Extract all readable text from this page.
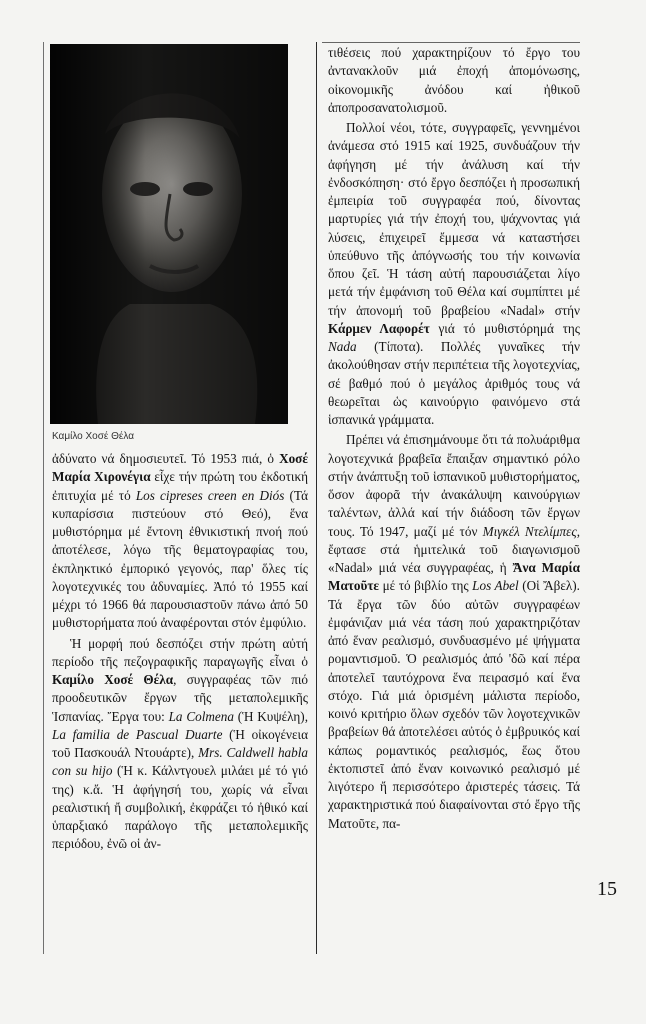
Καμίλο Χοσέ Θέλα

ἀδύνατο νά δημοσιευτεῖ. Τό 1953 πιά, ὁ Χοσέ Μαρία Χιρονέγια εἶχε τήν πρώτη του ἐκδοτική ἐπιτυχία μέ τό Los cipreses creen en Diós (Τά κυπαρίσσια πιστεύουν στό Θεό), ἕνα μυθιστόρημα μέ ἔντονη ἐθνικιστική πνοή πού ἀποτέλεσε, λόγω τῆς θεματογραφίας του, ἐκπληκτικό ἐμπορικό γεγονός, παρ' ὅλες τίς λογοτεχνικές του ἀδυναμίες. Ἀπό τό 1955 καί μέχρι τό 1966 θά παρουσιαστοῦν πάνω ἀπό 50 μυθιστορήματα πού ἀναφέρονται στόν ἐμφύλιο.

Ἡ μορφή πού δεσπόζει στήν πρώτη αὐτή περίοδο τῆς πεζογραφικῆς παραγωγῆς εἶναι ὁ Καμίλο Χοσέ Θέλα, συγγραφέας τῶν πιό προοδευτικῶν ἔργων τῆς μεταπολεμικῆς Ἱσπανίας. Ἔργα του: La Colmena (Ἡ Κυψέλη), La familia de Pascual Duarte (Ἡ οἰκογένεια τοῦ Πασκουάλ Ντουάρτε), Mrs. Caldwell habla con su hijo (Ἡ κ. Κάλντγουελ μιλάει μέ τό γιό της) κ.ἄ. Ἡ ἀφήγησή του, χωρίς νά εἶναι ρεαλιστική ἤ συμβολική, ἐκφράζει τό ἠθικό καί ὑπαρξιακό παράλογο τῆς μεταπολεμικῆς περιόδου, ἐνῶ οἱ ἀν-

τιθέσεις πού χαρακτηρίζουν τό ἔργο του ἀντανακλοῦν μιά ἐποχή ἀπομόνωσης, οἰκονομικῆς ἀνόδου καί ἠθικοῦ ἀποπροσανατολισμοῦ.

Πολλοί νέοι, τότε, συγγραφεῖς, γεννημένοι ἀνάμεσα στό 1915 καί 1925, συνδυάζουν τήν ἀφήγηση μέ τήν ἀνάλυση καί τήν ἐνδοσκόπηση· στό ἔργο δεσπόζει ἡ προσωπική ἐμπειρία τοῦ συγγραφέα πού, δίνοντας μαρτυρίες γιά τήν ἐποχή του, ψάχνοντας γιά λύσεις, ἐπιχειρεῖ ἔμμεσα νά καταστήσει ὑπεύθυνο τῆς ἀπόγνωσής του τήν κοινωνία ὅπου ζεῖ. Ἡ τάση αὐτή παρουσιάζεται λίγο μετά τήν ἐμφάνιση τοῦ Θέλα καί συμπίπτει μέ τήν ἀπονομή τοῦ βραβείου «Nadal» στήν Κάρμεν Λαφορέτ γιά τό μυθιστόρημά της Nada (Τίποτα). Πολλές γυναῖκες τήν ἀκολούθησαν στήν περιπέτεια τῆς λογοτεχνίας, σέ βαθμό πού ὁ μεγάλος ἀριθμός τους νά θεωρεῖται ὡς καινούργιο φαινόμενο στά ἱσπανικά γράμματα.

Πρέπει νά ἐπισημάνουμε ὅτι τά πολυάριθμα λογοτεχνικά βραβεῖα ἔπαιξαν σημαντικό ρόλο στήν ἀνάπτυξη τοῦ ἱσπανικοῦ μυθιστορήματος, ὅσον ἀφορᾶ τήν ἀνακάλυψη καινούργιων ταλέντων, ἀλλά καί τήν διάδοση τῶν ἔργων τους. Τό 1947, μαζί μέ τόν Μιγκέλ Ντελίμπες, ἔφτασε στά ἡμιτελικά τοῦ διαγωνισμοῦ «Nadal» μιά νέα συγγραφέας, ἡ Ἄνα Μαρία Ματοῦτε μέ τό βιβλίο της Los Abel (Οἱ Ἄβελ). Τά ἔργα τῶν δύο αὐτῶν συγγραφέων ἐμφάνιζαν μιά νέα τάση πού χαρακτηριζόταν ἀπό ἕναν ρεαλισμό, συνδυασμένο μέ ψήγματα ρομαντισμοῦ. Ὁ ρεαλισμός ἀπό 'δῶ καί πέρα ἀποτελεῖ ταυτόχρονα ἕνα πειρασμό καί ἕνα στόχο. Γιά μιά ὁρισμένη μάλιστα περίοδο, κοινό κριτήριο ὅλων σχεδόν τῶν λογοτεχνικῶν βραβείων θά ἀποτελέσει αὐτός ὁ ἐμβρυικός καί κάπως ρομαντικός ρεαλισμός, ἕως ὅτου ἐκτοπιστεῖ ἀπό ἕναν κοινωνικό ρεαλισμό μέ λιγότερο ἤ περισσότερο ἀριστερές τάσεις. Τά χαρακτηριστικά πού διαφαίνονται στό ἔργο τῆς Ματοῦτε, πα-

15
